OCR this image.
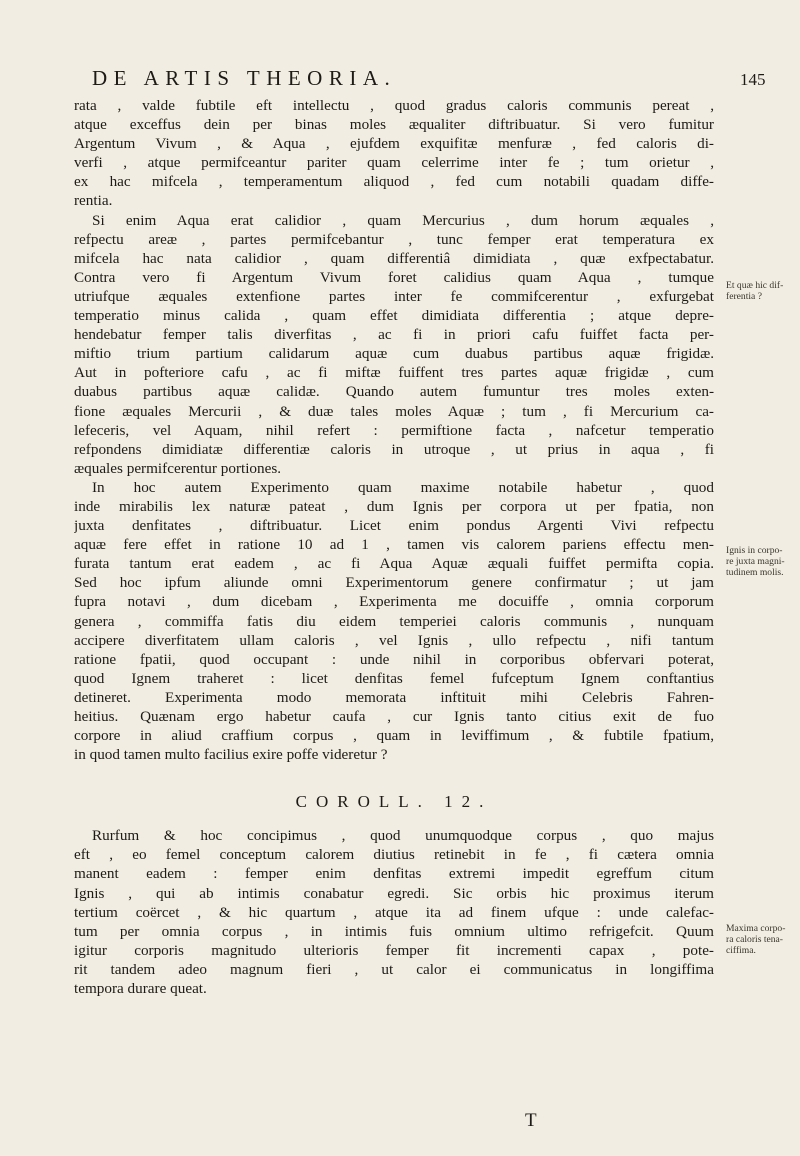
DE ARTIS THEORIA.	145

rata , valde fubtile eft intellectu , quod gradus caloris communis pereat ,
atque exceffus dein per binas moles æqualiter diftribuatur. Si vero fumitur
Argentum Vivum , & Aqua , ejufdem exquifitæ menfuræ , fed caloris di-
verfi , atque permifceantur pariter quam celerrime inter fe ; tum orietur ,
ex hac mifcela , temperamentum aliquod , fed cum notabili quadam diffe-
rentia.

Si enim Aqua erat calidior , quam Mercurius , dum horum æquales ,
refpectu areæ , partes permifcebantur , tunc femper erat temperatura ex
mifcela hac nata calidior , quam differentiâ dimidiata , quæ exfpectabatur.
Contra vero fi Argentum Vivum foret calidius quam Aqua , tumque
utriufque æquales extenfione partes inter fe commifcerentur , exfurgebat
temperatio minus calida , quam effet dimidiata differentia ; atque depre-
hendebatur femper talis diverfitas , ac fi in priori cafu fuiffet facta per-
miftio trium partium calidarum aquæ cum duabus partibus aquæ frigidæ.
Aut in pofteriore cafu , ac fi miftæ fuiffent tres partes aquæ frigidæ , cum
duabus partibus aquæ calidæ. Quando autem fumuntur tres moles exten-
fione æquales Mercurii , & duæ tales moles Aquæ ; tum , fi Mercurium ca-
lefeceris, vel Aquam, nihil refert : permiftione facta , nafcetur temperatio
refpondens dimidiatæ differentiæ caloris in utroque , ut prius in aqua , fi
æquales permifcerentur portiones.

In hoc autem Experimento quam maxime notabile habetur , quod
inde mirabilis lex naturæ pateat , dum Ignis per corpora ut per fpatia, non
juxta denfitates , diftribuatur. Licet enim pondus Argenti Vivi refpectu
aquæ fere effet in ratione 10 ad 1 , tamen vis calorem pariens effectu men-
furata tantum erat eadem , ac fi Aqua Aquæ æquali fuiffet permifta copia.
Sed hoc ipfum aliunde omni Experimentorum genere confirmatur ; ut jam
fupra notavi , dum dicebam , Experimenta me docuiffe , omnia corporum
genera , commiffa fatis diu eidem temperiei caloris communis , nunquam
accipere diverfitatem ullam caloris , vel Ignis , ullo refpectu , nifi tantum
ratione fpatii, quod occupant : unde nihil in corporibus obfervari poterat,
quod Ignem traheret : licet denfitas femel fufceptum Ignem conftantius
detineret. Experimenta modo memorata inftituit mihi Celebris Fahren-
heitius. Quænam ergo habetur caufa , cur Ignis tanto citius exit de fuo
corpore in aliud craffium corpus , quam in leviffimum , & fubtile fpatium,
in quod tamen multo facilius exire poffe videretur ?

COROLL. 12.

Rurfum & hoc concipimus , quod unumquodque corpus , quo majus
eft , eo femel conceptum calorem diutius retinebit in fe , fi cætera omnia
manent eadem : femper enim denfitas extremi impedit egreffum citum
Ignis , qui ab intimis conabatur egredi. Sic orbis hic proximus iterum
tertium coërcet , & hic quartum , atque ita ad finem ufque : unde calefac-
tum per omnia corpus , in intimis fuis omnium ultimo refrigefcit. Quum
igitur corporis magnitudo ulterioris femper fit incrementi capax , pote-
rit tandem adeo magnum fieri , ut calor ei communicatus in longiffima
tempora durare queat.

Et quæ hic dif-
ferentia ?
Ignis in corpo-
re juxta magni-
tudinem molis.
Maxima corpo-
ra caloris tena-
ciffima.
T
